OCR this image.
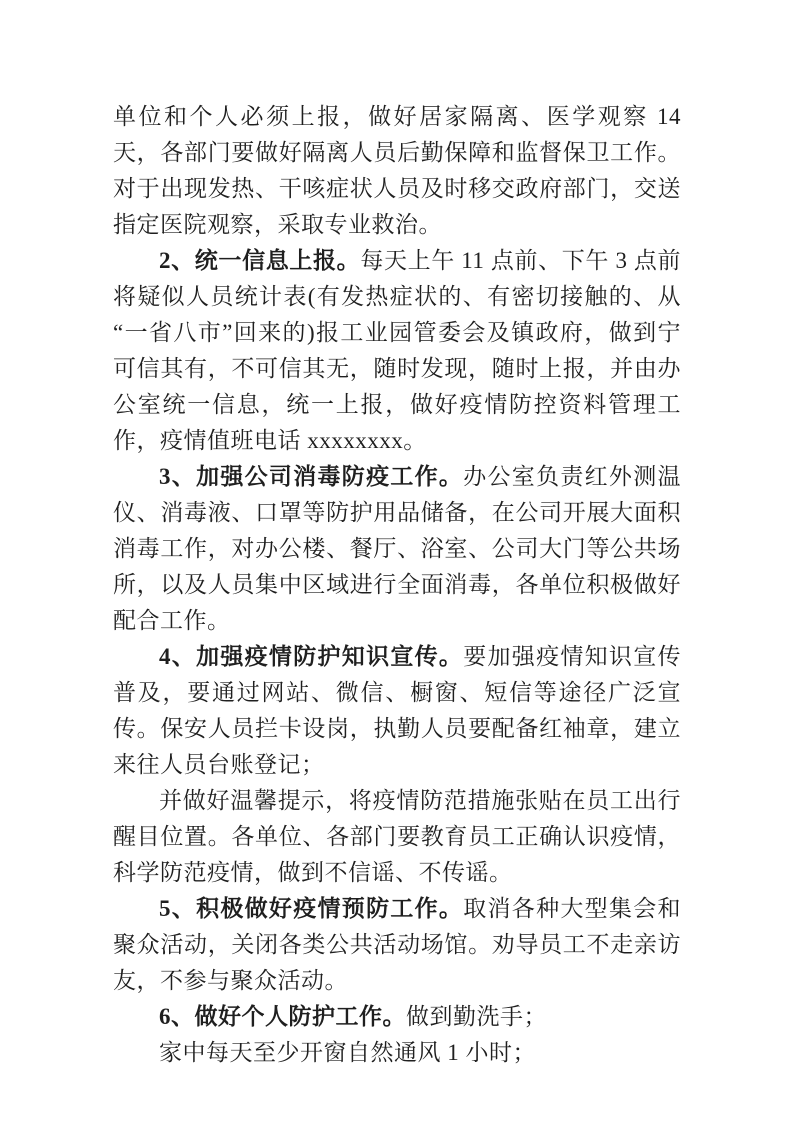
单位和个人必须上报，做好居家隔离、医学观察 14 天，各部门要做好隔离人员后勤保障和监督保卫工作。对于出现发热、干咳症状人员及时移交政府部门，交送指定医院观察，采取专业救治。

2、统一信息上报。每天上午 11 点前、下午 3 点前将疑似人员统计表(有发热症状的、有密切接触的、从“一省八市”回来的)报工业园管委会及镇政府，做到宁可信其有，不可信其无，随时发现，随时上报，并由办公室统一信息，统一上报，做好疫情防控资料管理工作，疫情值班电话 xxxxxxxx。

3、加强公司消毒防疫工作。办公室负责红外测温仪、消毒液、口罩等防护用品储备，在公司开展大面积消毒工作，对办公楼、餐厅、浴室、公司大门等公共场所，以及人员集中区域进行全面消毒，各单位积极做好配合工作。

4、加强疫情防护知识宣传。要加强疫情知识宣传普及，要通过网站、微信、橱窗、短信等途径广泛宣传。保安人员拦卡设岗，执勤人员要配备红袖章，建立来往人员台账登记；

并做好温馨提示，将疫情防范措施张贴在员工出行醒目位置。各单位、各部门要教育员工正确认识疫情，科学防范疫情，做到不信谣、不传谣。

5、积极做好疫情预防工作。取消各种大型集会和聚众活动，关闭各类公共活动场馆。劝导员工不走亲访友，不参与聚众活动。

6、做好个人防护工作。做到勤洗手；

家中每天至少开窗自然通风 1 小时；
